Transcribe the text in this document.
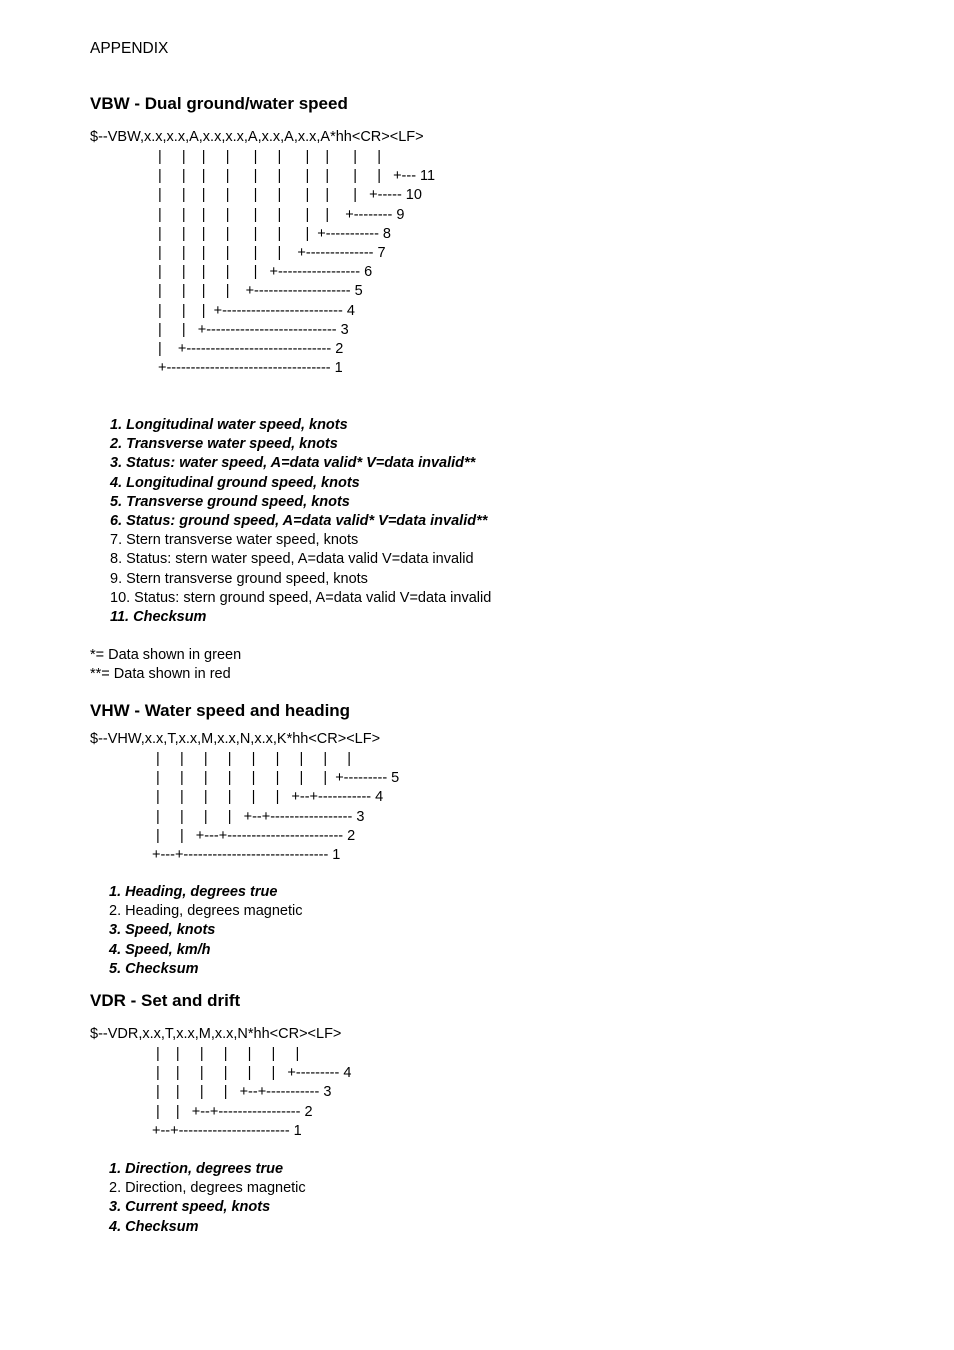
APPENDIX
VBW - Dual ground/water speed
$--VBW,x.x,x.x,A,x.x,x.x,A,x.x,A,x.x,A*hh<CR><LF>
|     |    |     |      |     |      |    |      |     |
|     |    |     |      |     |      |    |      |     |   +--- 11
|     |    |     |      |     |      |    |      |   +----- 10
|     |    |     |      |     |      |    |    +-------- 9
|     |    |     |      |     |      |  +----------- 8
|     |    |     |      |     |    +-------------- 7
|     |    |     |      |   +----------------- 6
|     |    |     |    +-------------------- 5
|     |    |  +------------------------- 4
|     |   +--------------------------- 3
|    +------------------------------ 2
+---------------------------------- 1
1. Longitudinal water speed, knots
2. Transverse water speed, knots
3. Status: water speed, A=data valid* V=data invalid**
4. Longitudinal ground speed, knots
5. Transverse ground speed, knots
6. Status: ground speed, A=data valid* V=data invalid**
7. Stern transverse water speed, knots
8. Status: stern water speed, A=data valid V=data invalid
9. Stern transverse ground speed, knots
10. Status: stern ground speed, A=data valid V=data invalid
11. Checksum
*= Data shown in green
**= Data shown in red
VHW - Water speed and heading
$--VHW,x.x,T,x.x,M,x.x,N,x.x,K*hh<CR><LF>
|     |     |     |     |     |     |     |     |
|     |     |     |     |     |     |     |  +--------- 5
|     |     |     |     |     |   +--+----------- 4
|     |     |     |   +--+----------------- 3
|     |   +---+------------------------ 2
+---+------------------------------ 1
1. Heading, degrees true
2. Heading, degrees magnetic
3. Speed, knots
4. Speed, km/h
5. Checksum
VDR - Set and drift
$--VDR,x.x,T,x.x,M,x.x,N*hh<CR><LF>
|    |     |     |     |     |     |
|    |     |     |     |     |   +--------- 4
|    |     |     |   +--+----------- 3
|    |   +--+----------------- 2
+--+----------------------- 1
1. Direction, degrees true
2. Direction, degrees magnetic
3. Current speed, knots
4. Checksum
